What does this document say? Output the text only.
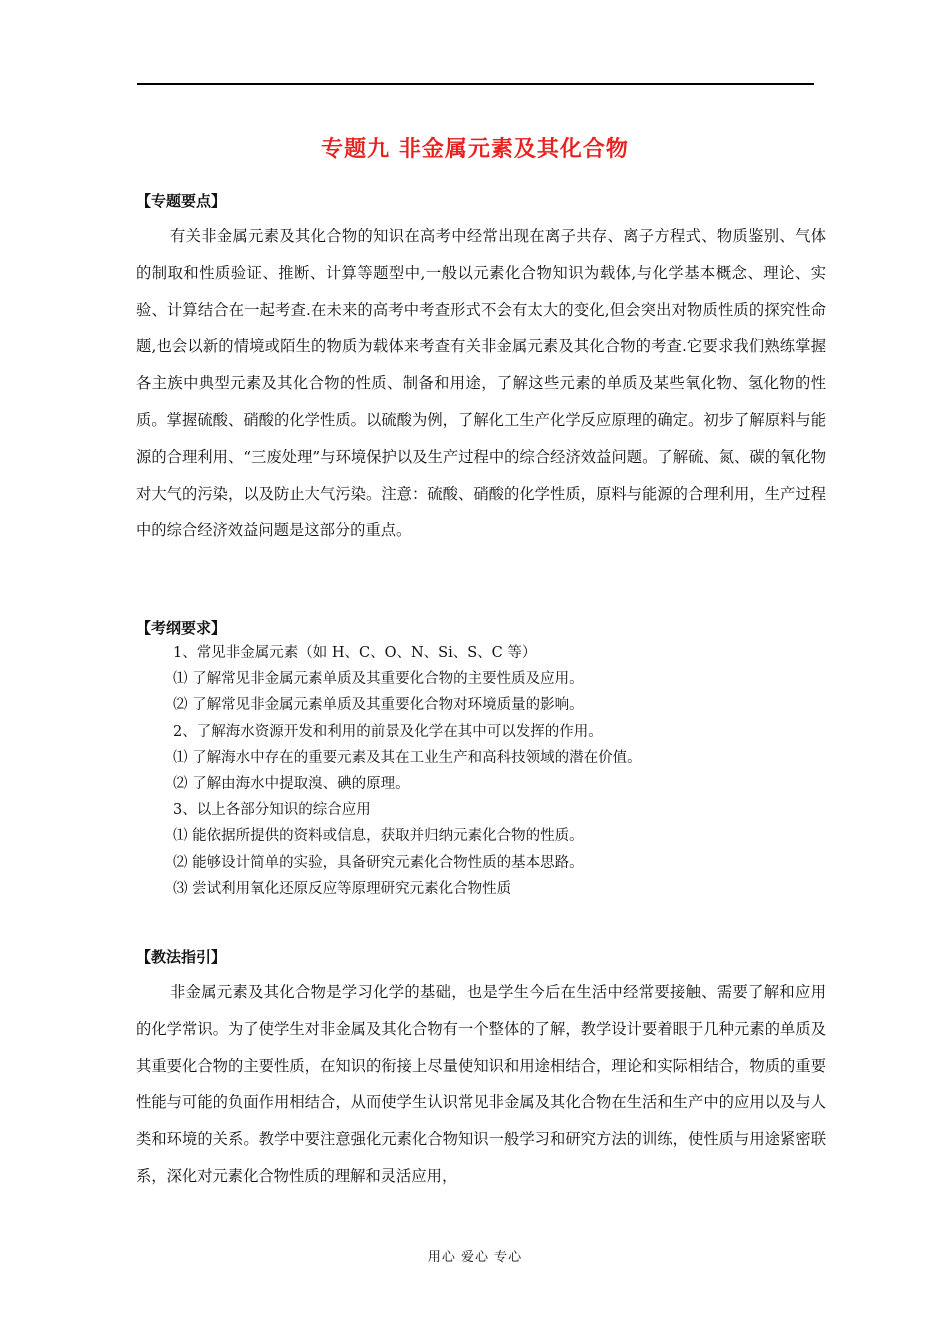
专题九 非金属元素及其化合物
【专题要点】

有关非金属元素及其化合物的知识在高考中经常出现在离子共存、离子方程式、物质鉴别、气体的制取和性质验证、推断、计算等题型中,一般以元素化合物知识为载体,与化学基本概念、理论、实验、计算结合在一起考查.在未来的高考中考查形式不会有太大的变化,但会突出对物质性质的探究性命题,也会以新的情境或陌生的物质为载体来考查有关非金属元素及其化合物的考查.它要求我们熟练掌握各主族中典型元素及其化合物的性质、制备和用途，了解这些元素的单质及某些氧化物、氢化物的性质。掌握硫酸、硝酸的化学性质。以硫酸为例，了解化工生产化学反应原理的确定。初步了解原料与能源的合理利用、“三废处理”与环境保护以及生产过程中的综合经济效益问题。了解硫、氮、碳的氧化物对大气的污染，以及防止大气污染。注意：硫酸、硝酸的化学性质，原料与能源的合理利用，生产过程中的综合经济效益问题是这部分的重点。

【考纲要求】
1、常见非金属元素（如 H、C、O、N、Si、S、C 等）
⑴ 了解常见非金属元素单质及其重要化合物的主要性质及应用。
⑵ 了解常见非金属元素单质及其重要化合物对环境质量的影响。
2、了解海水资源开发和利用的前景及化学在其中可以发挥的作用。
⑴ 了解海水中存在的重要元素及其在工业生产和高科技领域的潜在价值。
⑵ 了解由海水中提取溴、碘的原理。
3、以上各部分知识的综合应用
⑴ 能依据所提供的资料或信息，获取并归纳元素化合物的性质。
⑵ 能够设计简单的实验，具备研究元素化合物性质的基本思路。
⑶ 尝试利用氧化还原反应等原理研究元素化合物性质
【教法指引】

非金属元素及其化合物是学习化学的基础，也是学生今后在生活中经常要接触、需要了解和应用的化学常识。为了使学生对非金属及其化合物有一个整体的了解，教学设计要着眼于几种元素的单质及其重要化合物的主要性质，在知识的衔接上尽量使知识和用途相结合，理论和实际相结合，物质的重要性能与可能的负面作用相结合，从而使学生认识常见非金属及其化合物在生活和生产中的应用以及与人类和环境的关系。教学中要注意强化元素化合物知识一般学习和研究方法的训练，使性质与用途紧密联系，深化对元素化合物性质的理解和灵活应用，

用心 爱心 专心
